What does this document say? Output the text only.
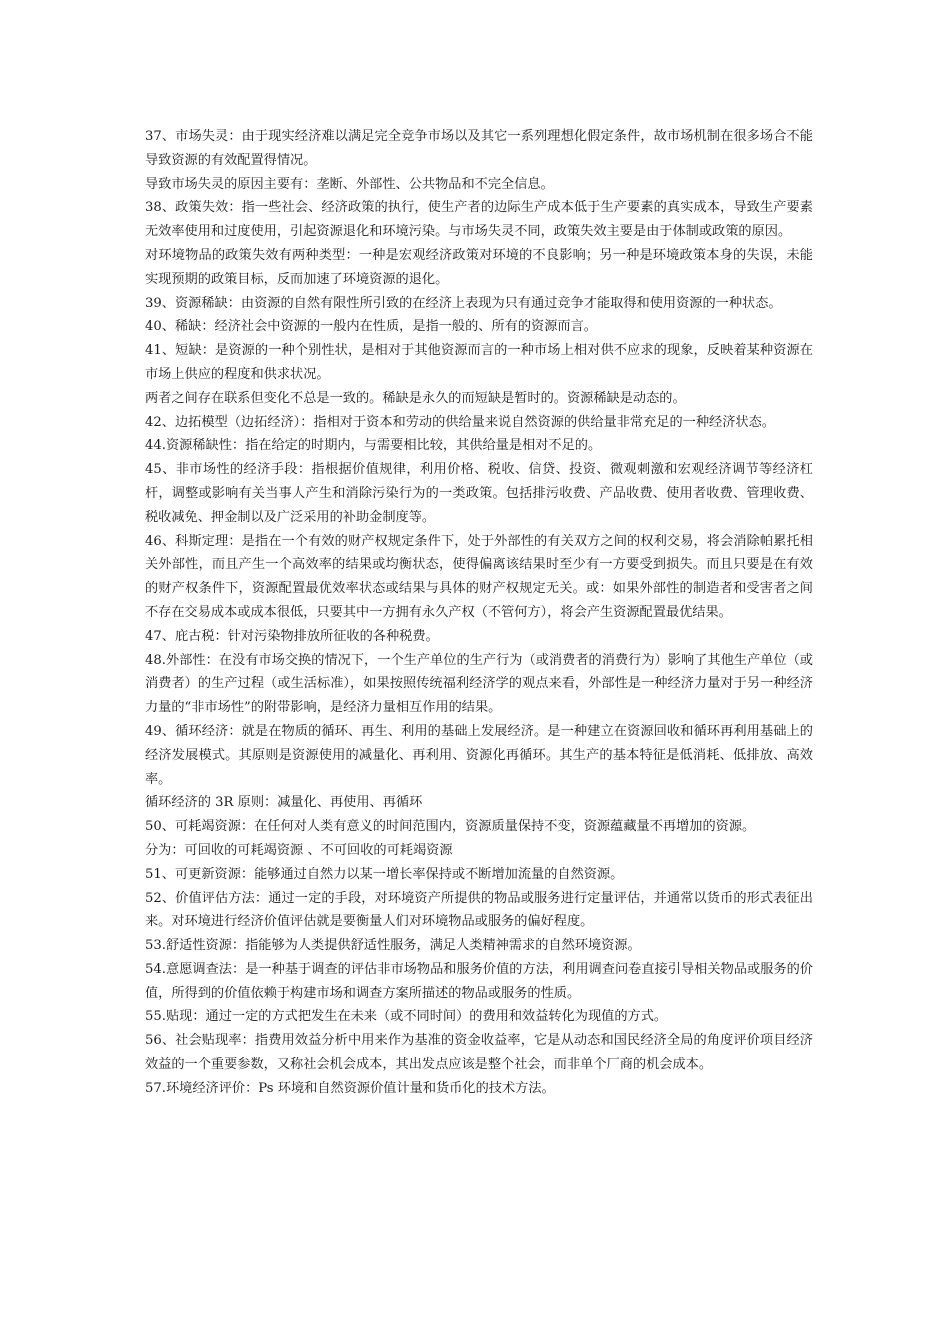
37、市场失灵：由于现实经济难以满足完全竞争市场以及其它一系列理想化假定条件，故市场机制在很多场合不能导致资源的有效配置得情况。

导致市场失灵的原因主要有：垄断、外部性、公共物品和不完全信息。

38、政策失效：指一些社会、经济政策的执行，使生产者的边际生产成本低于生产要素的真实成本，导致生产要素无效率使用和过度使用，引起资源退化和环境污染。与市场失灵不同，政策失效主要是由于体制或政策的原因。

对环境物品的政策失效有两种类型：一种是宏观经济政策对环境的不良影响；另一种是环境政策本身的失误，未能实现预期的政策目标，反而加速了环境资源的退化。

39、资源稀缺：由资源的自然有限性所引致的在经济上表现为只有通过竞争才能取得和使用资源的一种状态。

40、稀缺：经济社会中资源的一般内在性质，是指一般的、所有的资源而言。

41、短缺：是资源的一种个别性状，是相对于其他资源而言的一种市场上相对供不应求的现象，反映着某种资源在市场上供应的程度和供求状况。

两者之间存在联系但变化不总是一致的。稀缺是永久的而短缺是暂时的。资源稀缺是动态的。

42、边拓模型（边拓经济）：指相对于资本和劳动的供给量来说自然资源的供给量非常充足的一种经济状态。

44.资源稀缺性：指在给定的时期内，与需要相比较，其供给量是相对不足的。

45、非市场性的经济手段：指根据价值规律，利用价格、税收、信贷、投资、微观刺激和宏观经济调节等经济杠杆，调整或影响有关当事人产生和消除污染行为的一类政策。包括排污收费、产品收费、使用者收费、管理收费、税收减免、押金制以及广泛采用的补助金制度等。

46、科斯定理：是指在一个有效的财产权规定条件下，处于外部性的有关双方之间的权利交易，将会消除帕累托相关外部性，而且产生一个高效率的结果或均衡状态，使得偏离该结果时至少有一方要受到损失。而且只要是在有效的财产权条件下，资源配置最优效率状态或结果与具体的财产权规定无关。或：如果外部性的制造者和受害者之间不存在交易成本或成本很低，只要其中一方拥有永久产权（不管何方），将会产生资源配置最优结果。

47、庇古税：针对污染物排放所征收的各种税费。

48.外部性：在没有市场交换的情况下，一个生产单位的生产行为（或消费者的消费行为）影响了其他生产单位（或消费者）的生产过程（或生活标准），如果按照传统福利经济学的观点来看，外部性是一种经济力量对于另一种经济力量的“非市场性”的附带影响，是经济力量相互作用的结果。

49、循环经济：就是在物质的循环、再生、利用的基础上发展经济。是一种建立在资源回收和循环再利用基础上的经济发展模式。其原则是资源使用的减量化、再利用、资源化再循环。其生产的基本特征是低消耗、低排放、高效率。

循环经济的 3R 原则：减量化、再使用、再循环

50、可耗竭资源：在任何对人类有意义的时间范围内，资源质量保持不变，资源蕴藏量不再增加的资源。

分为：可回收的可耗竭资源 、不可回收的可耗竭资源

51、可更新资源：能够通过自然力以某一增长率保持或不断增加流量的自然资源。

52、价值评估方法：通过一定的手段，对环境资产所提供的物品或服务进行定量评估，并通常以货币的形式表征出来。对环境进行经济价值评估就是要衡量人们对环境物品或服务的偏好程度。

53.舒适性资源：指能够为人类提供舒适性服务，满足人类精神需求的自然环境资源。

54.意愿调查法：是一种基于调查的评估非市场物品和服务价值的方法，利用调查问卷直接引导相关物品或服务的价值，所得到的价值依赖于构建市场和调查方案所描述的物品或服务的性质。

55.贴现：通过一定的方式把发生在未来（或不同时间）的费用和效益转化为现值的方式。

56、社会贴现率：指费用效益分析中用来作为基准的资金收益率，它是从动态和国民经济全局的角度评价项目经济效益的一个重要参数，又称社会机会成本，其出发点应该是整个社会，而非单个厂商的机会成本。

57.环境经济评价：Ps 环境和自然资源价值计量和货币化的技术方法。
